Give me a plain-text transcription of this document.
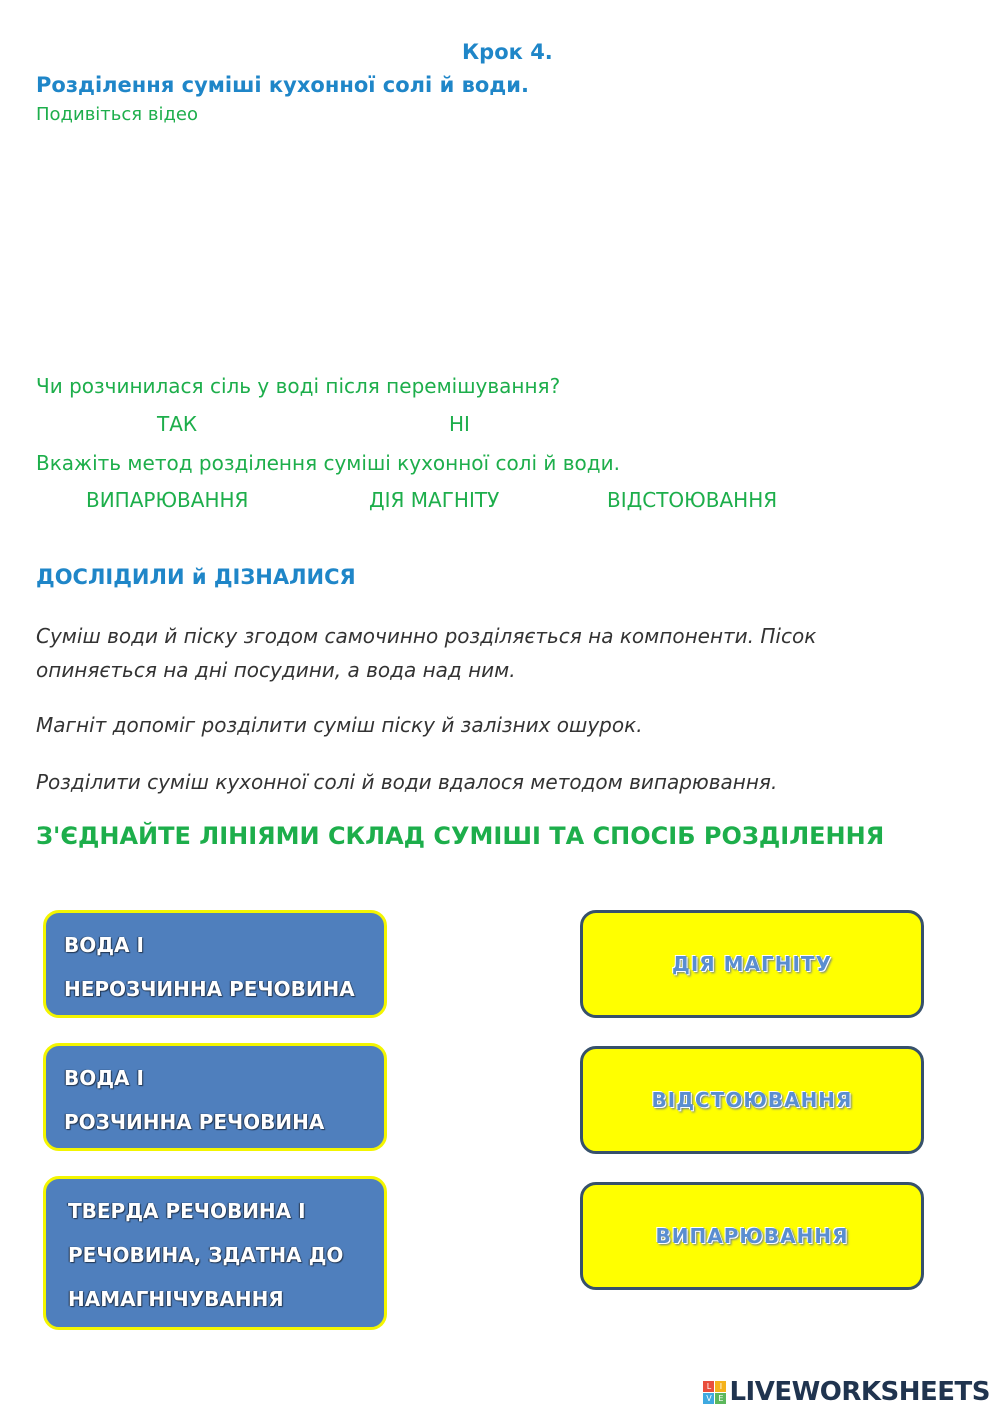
Крок 4.
Розділення суміші кухонної солі й води.
Подивіться відео
Чи розчинилася сіль у воді після перемішування?
ТАК	НІ
Вкажіть метод розділення суміші кухонної солі й води.
ВИПАРЮВАННЯ	ДІЯ МАГНІТУ	ВІДСТОЮВАННЯ
ДОСЛІДИЛИ й ДІЗНАЛИСЯ
Суміш води й піску згодом самочинно розділяється на компоненти. Пісок
опиняється на дні посудини, а вода над ним.
Магніт допоміг розділити суміш піску й залізних ошурок.
Розділити суміш кухонної солі й води вдалося методом випарювання.
З'ЄДНАЙТЕ ЛІНІЯМИ СКЛАД СУМІШІ ТА СПОСІБ РОЗДІЛЕННЯ
ВОДА І
НЕРОЗЧИННА РЕЧОВИНА
ВОДА І
РОЗЧИННА РЕЧОВИНА
ТВЕРДА РЕЧОВИНА І
РЕЧОВИНА, ЗДАТНА ДО
НАМАГНІЧУВАННЯ
ДІЯ МАГНІТУ
ВІДСТОЮВАННЯ
ВИПАРЮВАННЯ
L	I
V E LIVEWORKSHEETS
